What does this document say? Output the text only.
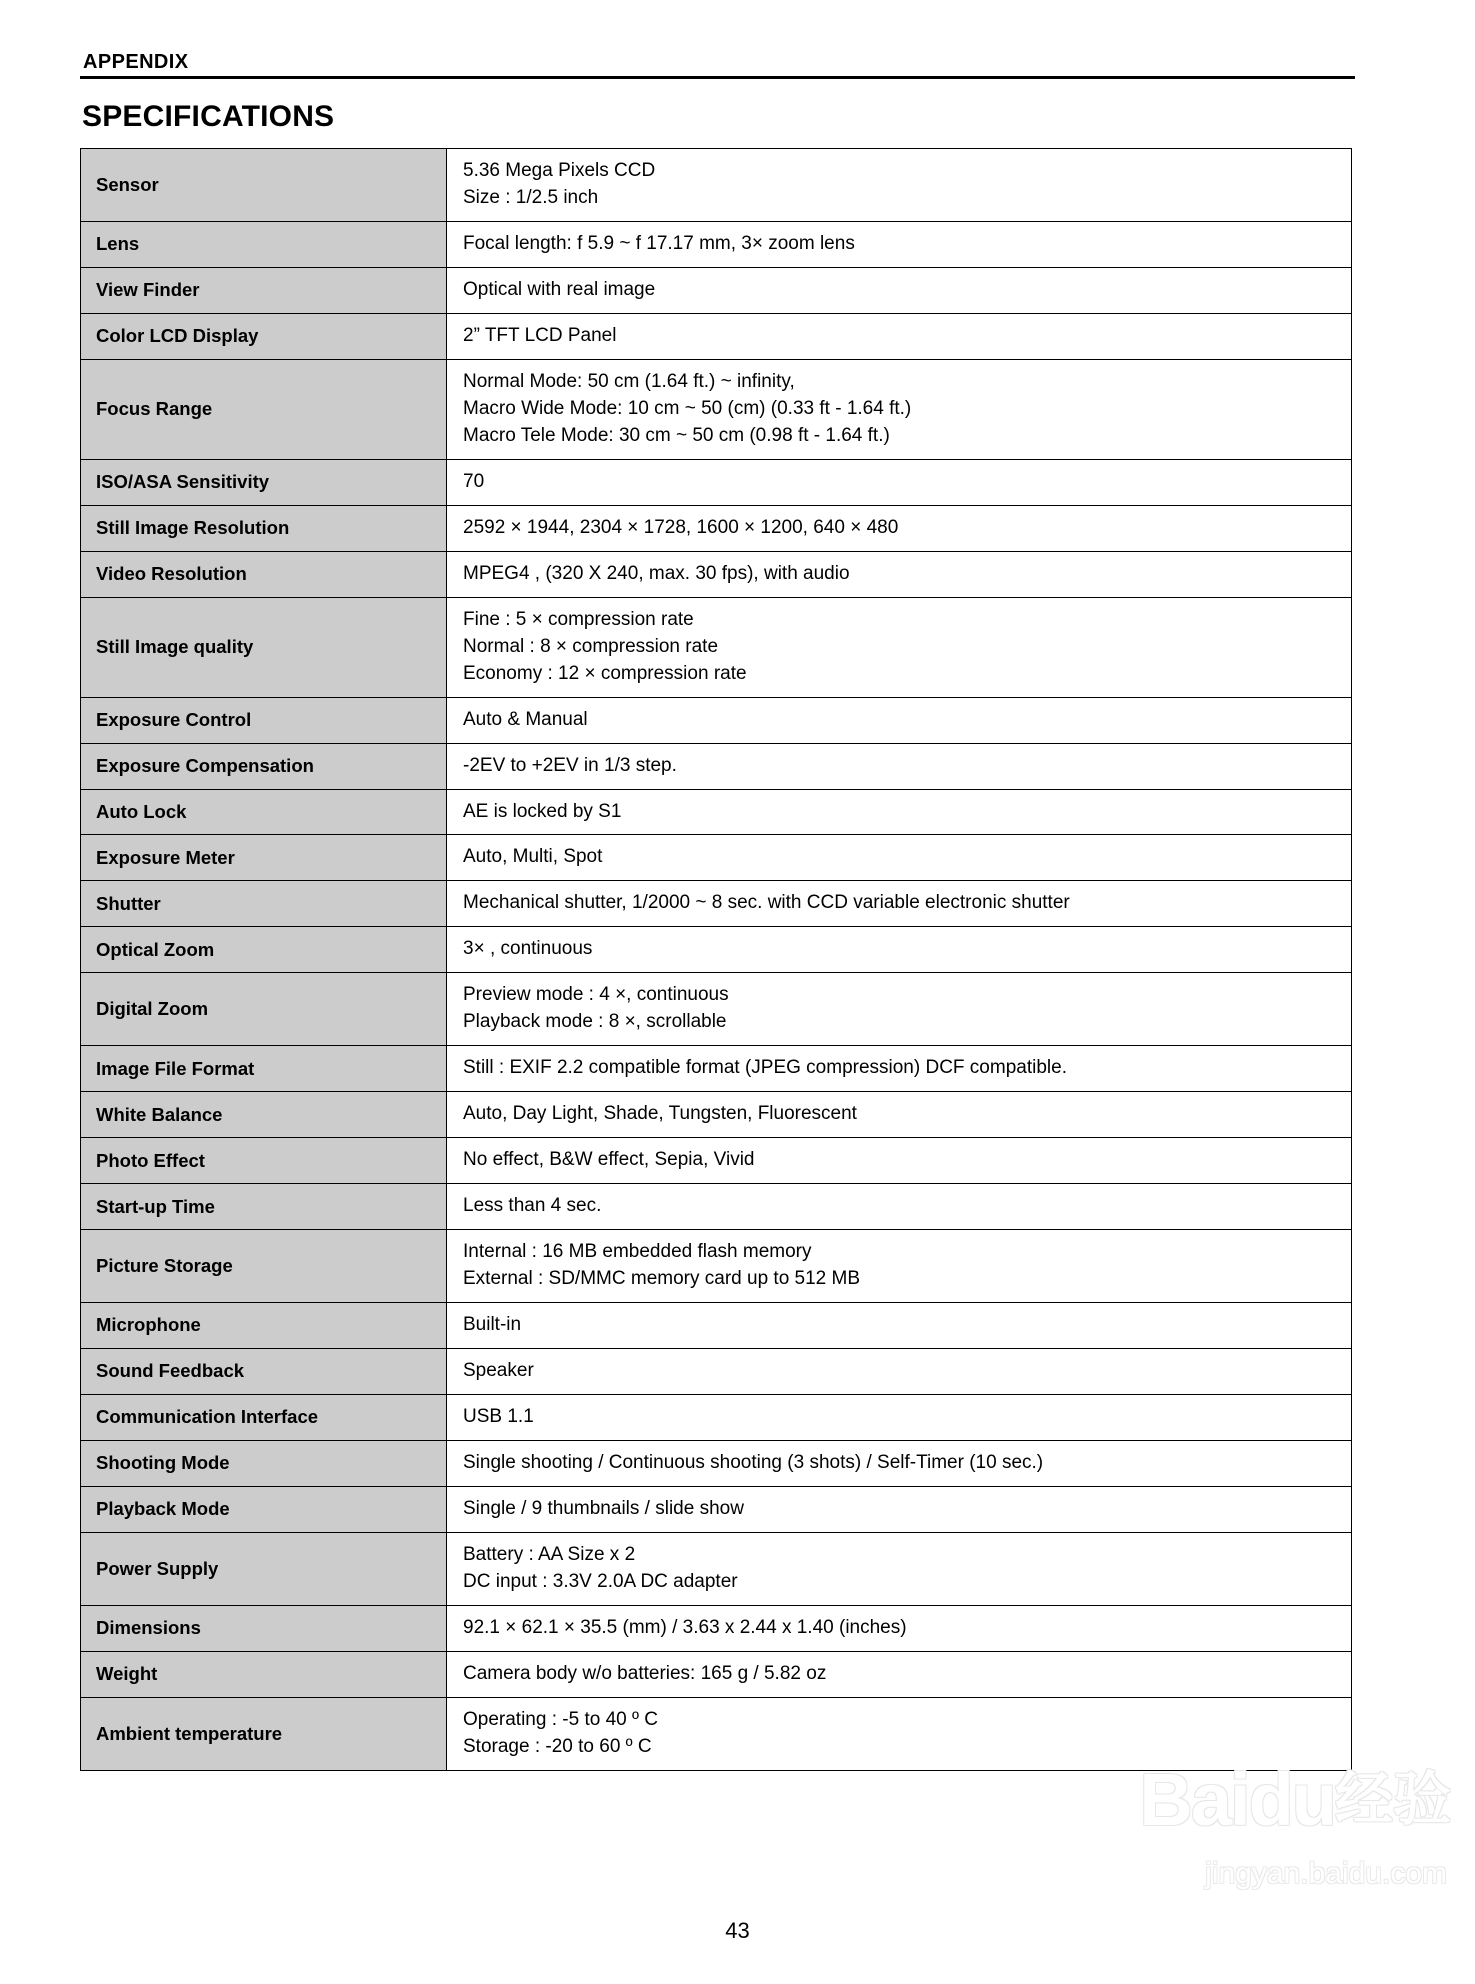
APPENDIX
SPECIFICATIONS
Sensor	5.36 Mega Pixels CCD
Size : 1/2.5 inch

Lens	Focal length: f 5.9 ~ f 17.17 mm, 3× zoom lens

View Finder	Optical with real image

Color LCD Display	2” TFT LCD Panel

Focus Range	Normal Mode: 50 cm (1.64 ft.) ~ infinity,
Macro Wide Mode: 10 cm ~ 50 (cm) (0.33 ft - 1.64 ft.)
Macro Tele Mode: 30 cm ~ 50 cm (0.98 ft - 1.64 ft.)

ISO/ASA Sensitivity	70

Still Image Resolution	2592 × 1944, 2304 × 1728, 1600 × 1200, 640 × 480

Video Resolution	MPEG4 , (320 X 240, max. 30 fps), with audio

Still Image quality	Fine : 5 × compression rate
Normal : 8 × compression rate
Economy : 12 × compression rate

Exposure Control	Auto & Manual

Exposure Compensation	-2EV to +2EV in 1/3 step.

Auto Lock	AE is locked by S1

Exposure Meter	Auto, Multi, Spot

Shutter	Mechanical shutter, 1/2000 ~ 8 sec. with CCD variable electronic shutter

Optical Zoom	3× , continuous

Digital Zoom	Preview mode : 4 ×, continuous
Playback mode : 8 ×, scrollable

Image File Format	Still : EXIF 2.2 compatible format (JPEG compression) DCF compatible.

White Balance	Auto, Day Light, Shade, Tungsten, Fluorescent

Photo Effect	No effect, B&W effect, Sepia, Vivid

Start-up Time	Less than 4 sec.

Picture Storage	Internal : 16 MB embedded flash memory
External : SD/MMC memory card up to 512 MB

Microphone	Built-in

Sound Feedback	Speaker

Communication Interface	USB 1.1

Shooting Mode	Single shooting / Continuous shooting (3 shots) / Self-Timer (10 sec.)

Playback Mode	Single / 9 thumbnails / slide show

Power Supply	Battery : AA Size x 2
DC input : 3.3V 2.0A DC adapter

Dimensions	92.1 × 62.1 × 35.5 (mm) / 3.63 x 2.44 x 1.40 (inches)

Weight	Camera body w/o batteries: 165 g / 5.82 oz

Ambient temperature	Operating : -5 to 40 º C
Storage : -20 to 60 º C
Baidu经验
jingyan.baidu.com
43
